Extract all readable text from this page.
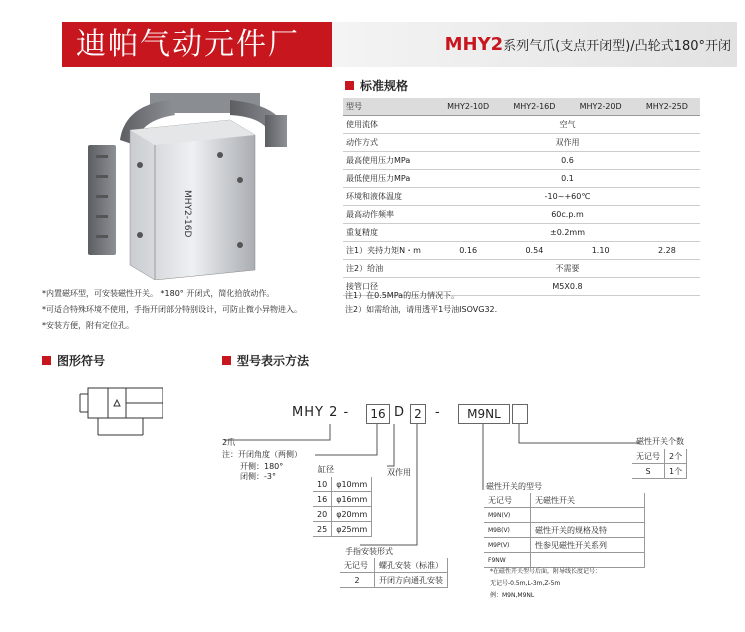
迪帕气动元件厂	MHY2系列气爪(支点开闭型)/凸轮式180°开闭
MHY2-16D
标准规格
型号	MHY2-10D	MHY2-16D	MHY2-20D	MHY2-25D
使用流体	空气			
动作方式	双作用			
最高使用压力MPa	0.6			
最低使用压力MPa	0.1			
环境和液体温度	-10~+60℃			
最高动作频率	60c.p.m			
重复精度	±0.2mm			
注1）夹持力矩N・m	0.16	0.54	1.10	2.28
注2）给油	不需要			
接管口径	M5X0.8			
注1）在0.5MPa的压力情况下。
注2）如需给油，请用透平1号油ISOVG32.
*内置磁环型，可安装磁性开关。 *180° 开闭式，简化拾放动作。
*可适合特殊环境不使用，手指开闭部分特别设计，可防止微小异物进入。
*安装方便，附有定位孔。
图形符号	型号表示方法
MHY 2 -	16 D 2	-	M9NL
2爪
注：开闭角度（两侧）
开侧：180°
闭侧：-3°
缸径	双作用
10	φ10mm
16	φ16mm
20	φ20mm
25	φ25mm
手指安装形式
无记号	螺孔安装（标准）
2	开闭方向通孔安装
磁性开关的型号
无记号	无磁性开关
M9N(V)	
M9B(V)	磁性开关的规格及特
M9P(V)	性参见磁性开关系列
F9NW	
*在磁性开关型号后面，附导线长度记号：
无记号-0.5m,L-3m,Z-5m
例：M9N,M9NL
磁性开关个数
无记号	2个
S	1个
